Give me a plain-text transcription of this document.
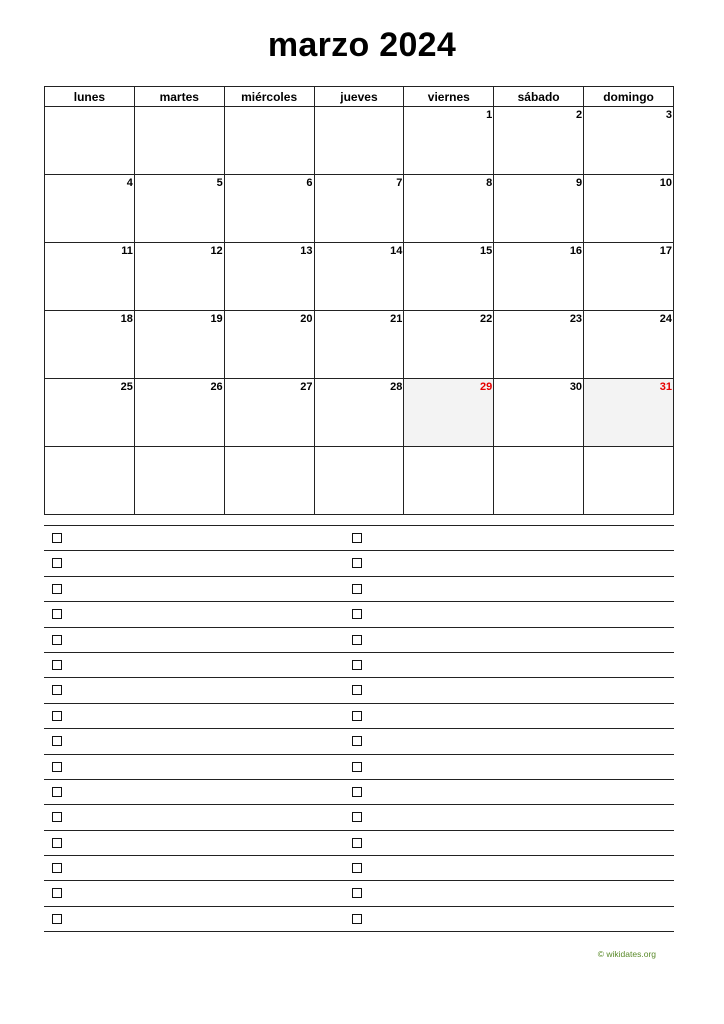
marzo 2024
lunes	martes	miércoles	jueves	viernes	sábado	domingo

				1	2	3

4	5	6	7	8	9	10

11	12	13	14	15	16	17

18	19	20	21	22	23	24

25	26	27	28	29	30	31

© wikidates.org
